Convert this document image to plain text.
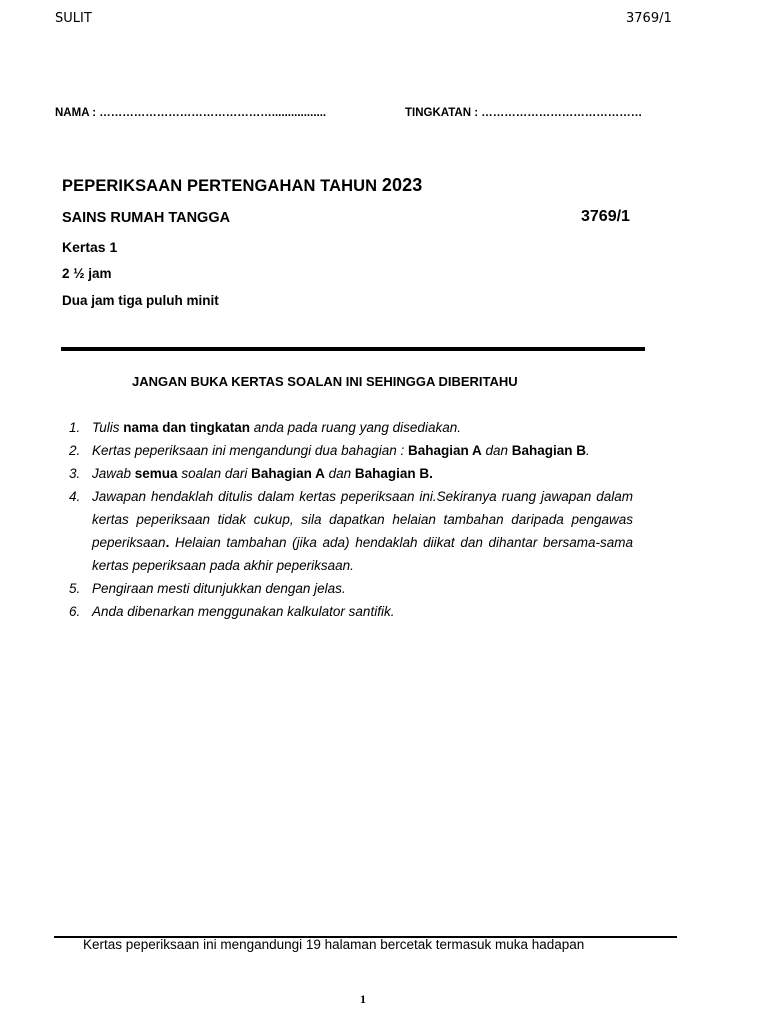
SULIT	3769/1
NAMA : ……………………………………….................	TINGKATAN : ……………………………………
PEPERIKSAAN PERTENGAHAN TAHUN 2023
SAINS RUMAH TANGGA	3769/1
Kertas 1
2 ½ jam
Dua jam tiga puluh minit
JANGAN BUKA KERTAS SOALAN INI SEHINGGA DIBERITAHU
1. Tulis nama dan tingkatan anda pada ruang yang disediakan.
2. Kertas peperiksaan ini mengandungi dua bahagian : Bahagian A dan Bahagian B.
3. Jawab semua soalan dari Bahagian A dan Bahagian B.
4. Jawapan hendaklah ditulis dalam kertas peperiksaan ini.Sekiranya ruang jawapan dalam kertas peperiksaan tidak cukup, sila dapatkan helaian tambahan daripada pengawas peperiksaan. Helaian tambahan (jika ada) hendaklah diikat dan dihantar bersama-sama kertas peperiksaan pada akhir peperiksaan.
5. Pengiraan mesti ditunjukkan dengan jelas.
6. Anda dibenarkan menggunakan kalkulator santifik.
Kertas peperiksaan ini mengandungi 19 halaman bercetak termasuk muka hadapan
1
